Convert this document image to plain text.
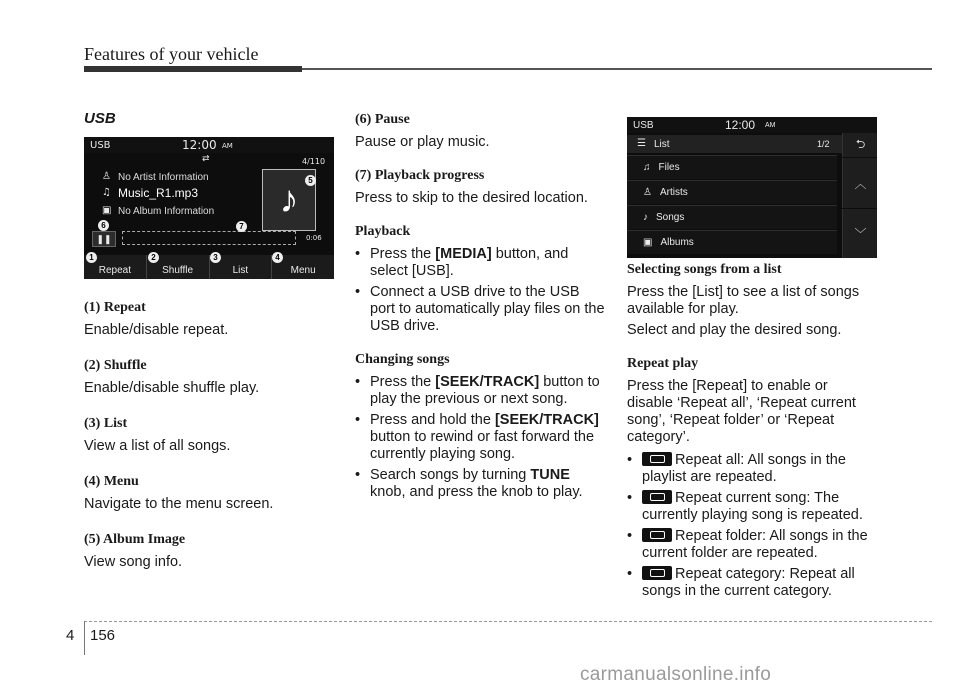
Features of your vehicle
USB
USB	12:00 AM
⇄	4/110
♙ No Artist Information
♫ Music_R1.mp3
▣ No Album Information ♪
❚❚	0:06
Repeat	Shuffle	List	Menu
1	2	3	4
5
6	7
(1) Repeat
Enable/disable repeat.
(2) Shuffle
Enable/disable shuffle play.
(3) List
View a list of all songs.
(4) Menu
Navigate to the menu screen.
(5) Album Image
View song info.
(6) Pause
Pause or play music.
(7) Playback progress
Press to skip to the desired location.
Playback
• Press the [MEDIA] button, and select [USB].
• Connect a USB drive to the USB port to automatically play files on the USB drive.
Changing songs
• Press the [SEEK/TRACK] button to play the previous or next song.
• Press and hold the [SEEK/TRACK] button to rewind or fast forward the currently playing song.
• Search songs by turning TUNE knob, and press the knob to play.
USB	12:00 AM
☰ List	1/2
♫ Files
♙ Artists
♪ Songs
▣ Albums
⮌
︿
﹀
Selecting songs from a list
Press the [List] to see a list of songs available for play.
Select and play the desired song.
Repeat play
Press the [Repeat] to enable or disable ‘Repeat all’, ‘Repeat current song’, ‘Repeat folder’ or ‘Repeat category’.
• Repeat all: All songs in the playlist are repeated.
• Repeat current song: The currently playing song is repeated.
• Repeat folder: All songs in the current folder are repeated.
• Repeat category: Repeat all songs in the current category.
4 156
carmanualsonline.info
